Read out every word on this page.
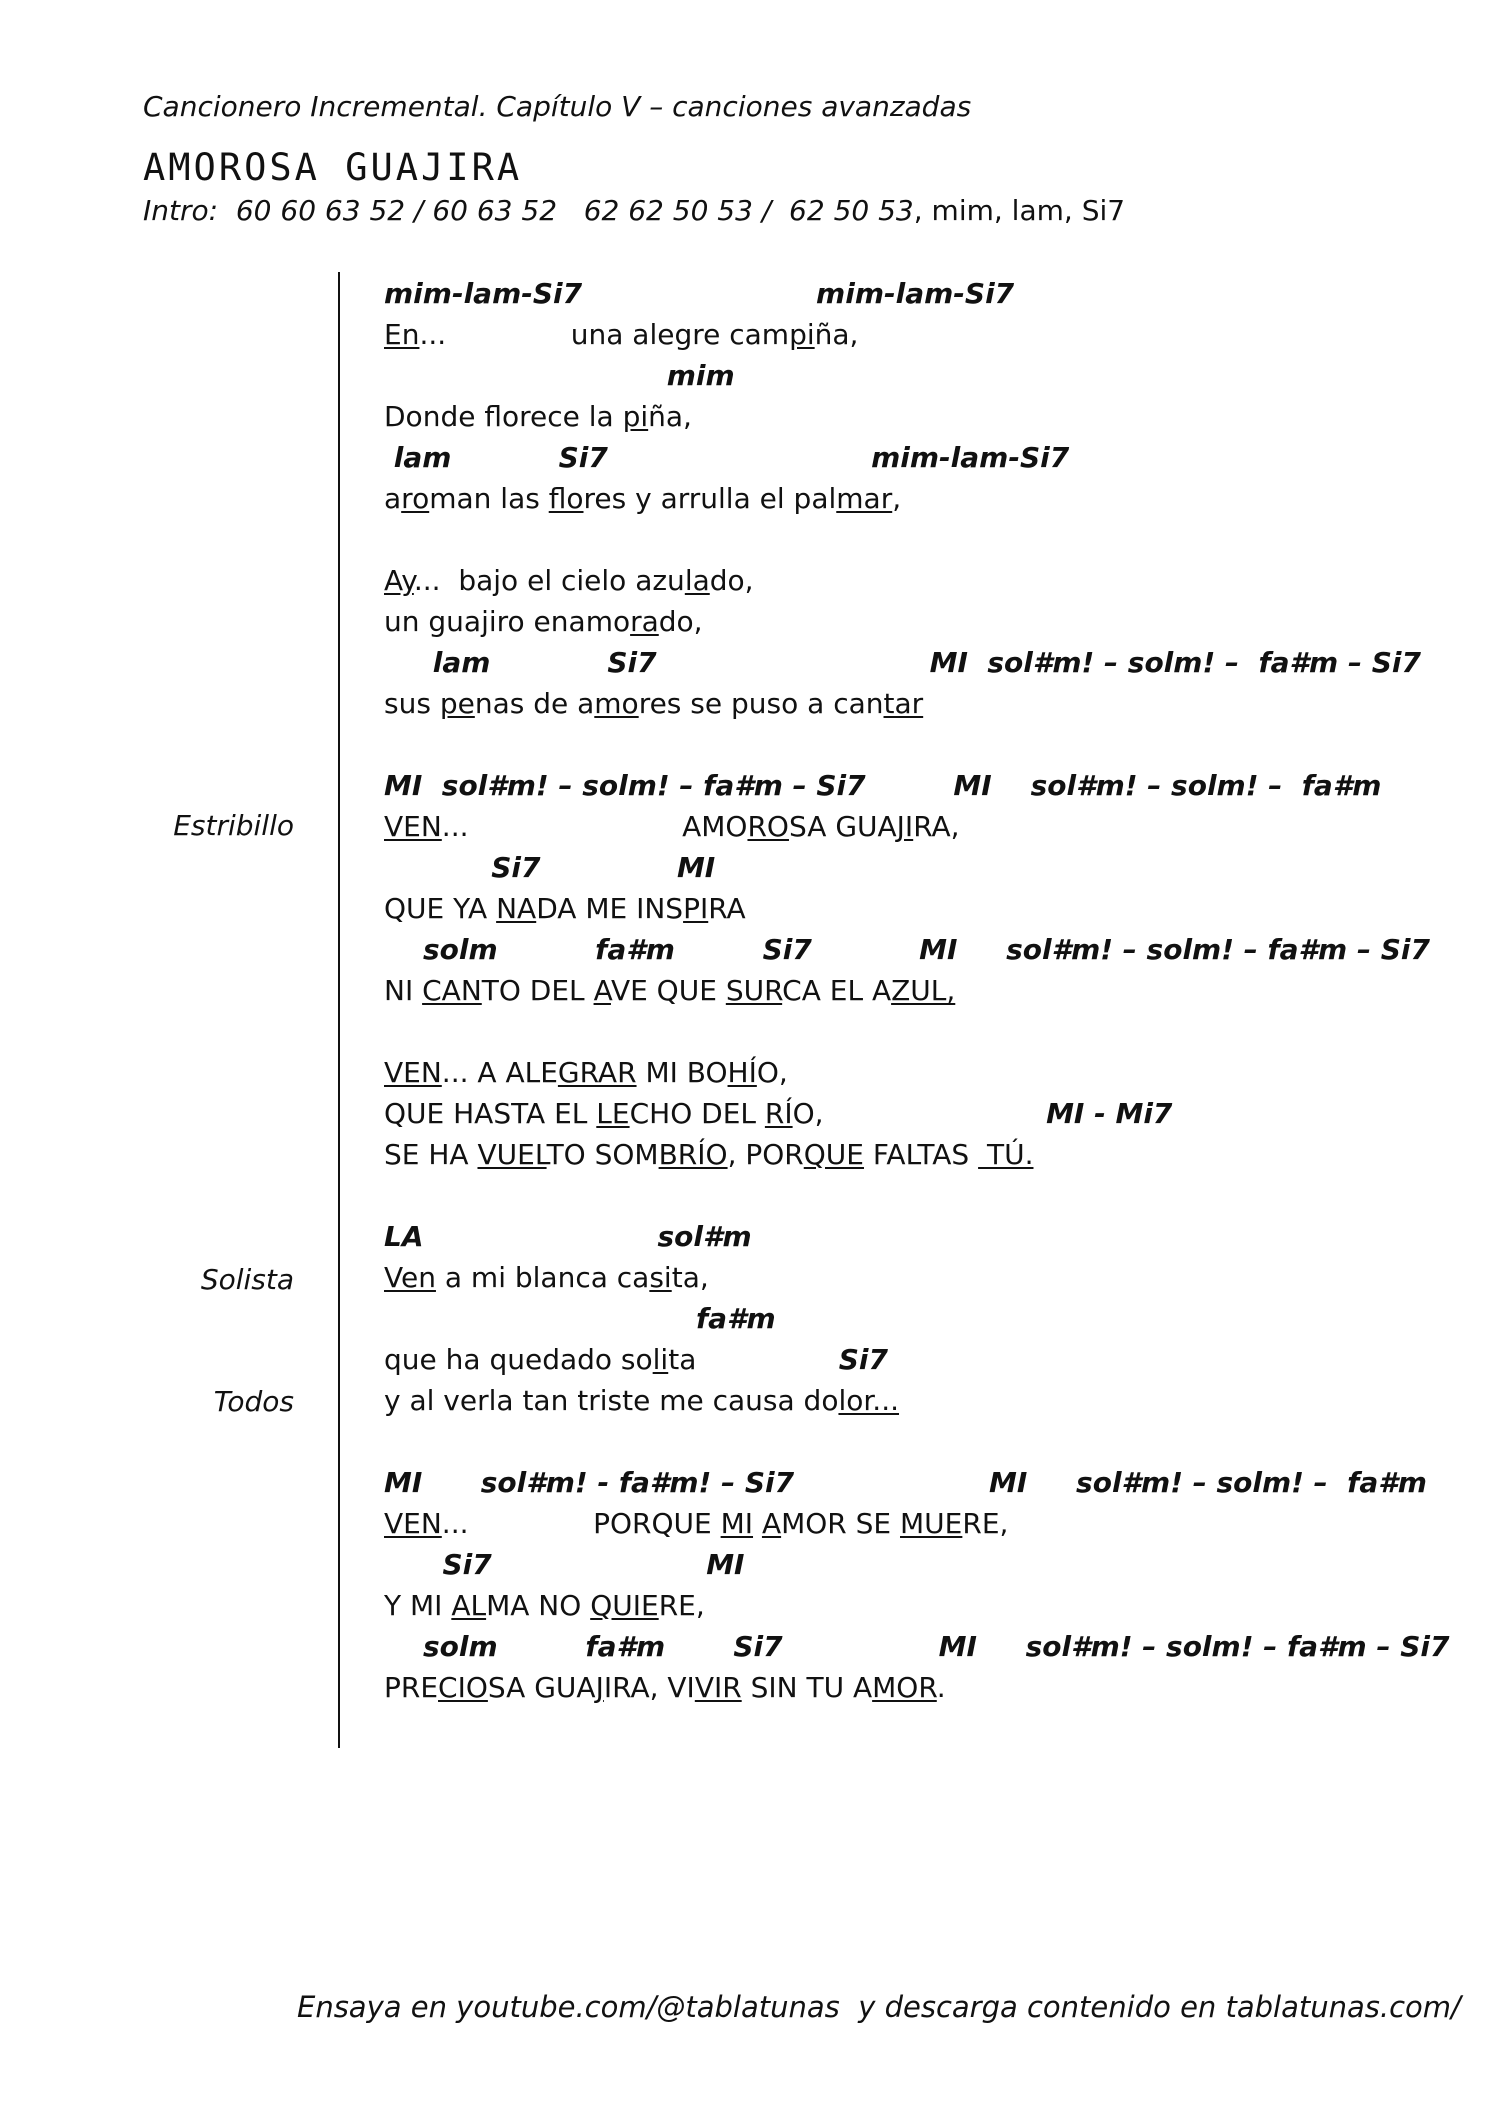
Cancionero Incremental. Capítulo V – canciones avanzadas
AMOROSA GUAJIRA
Intro:  60 60 63 52 / 60 63 52   62 62 50 53 /  62 50 53, mim, lam, Si7
Estribillo
Solista
Todos
mim-lam-Si7                        mim-lam-Si7
En...              una alegre campiña,
mim
Donde florece la piña,
lam           Si7                           mim-lam-Si7
aroman las flores y arrulla el palmar,
Ay...  bajo el cielo azulado,
un guajiro enamorado,
lam            Si7                            MI  sol#m! – solm! –  fa#m – Si7
sus penas de amores se puso a cantar
MI  sol#m! – solm! – fa#m – Si7         MI    sol#m! – solm! –  fa#m
VEN...                        AMOROSA GUAJIRA,
Si7              MI
QUE YA NADA ME INSPIRA
solm          fa#m         Si7           MI     sol#m! – solm! – fa#m – Si7
NI CANTO DEL AVE QUE SURCA EL AZUL,
VEN... A ALEGRAR MI BOHÍO,
QUE HASTA EL LECHO DEL RÍO,                         MI - Mi7
SE HA VUELTO SOMBRÍO, PORQUE FALTAS  TÚ.
LA                        sol#m
Ven a mi blanca casita,
fa#m
que ha quedado solita                Si7
y al verla tan triste me causa dolor...
MI      sol#m! - fa#m! – Si7                    MI     sol#m! – solm! –  fa#m
VEN...              PORQUE MI AMOR SE MUERE,
Si7                      MI
Y MI ALMA NO QUIERE,
solm         fa#m       Si7                MI     sol#m! – solm! – fa#m – Si7
PRECIOSA GUAJIRA, VIVIR SIN TU AMOR.
Ensaya en youtube.com/@tablatunas  y descarga contenido en tablatunas.com/
